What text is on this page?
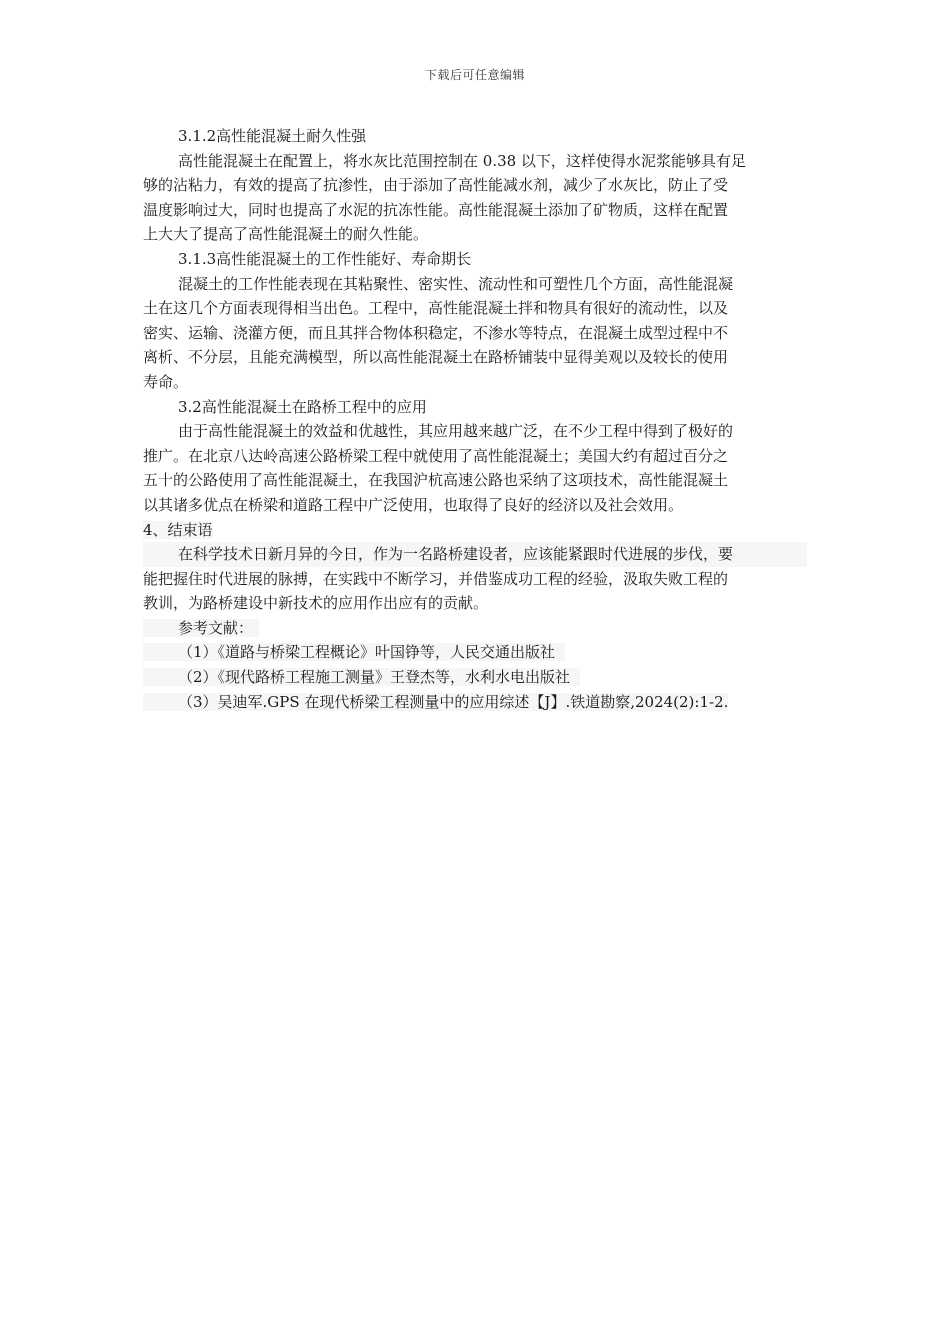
下载后可任意编辑
3.1.2高性能混凝土耐久性强
高性能混凝土在配置上，将水灰比范围控制在 0.38 以下，这样使得水泥浆能够具有足
够的沾粘力，有效的提高了抗渗性，由于添加了高性能减水剂，减少了水灰比，防止了受
温度影响过大，同时也提高了水泥的抗冻性能。高性能混凝土添加了矿物质，这样在配置
上大大了提高了高性能混凝土的耐久性能。
3.1.3高性能混凝土的工作性能好、寿命期长
混凝土的工作性能表现在其粘聚性、密实性、流动性和可塑性几个方面，高性能混凝
土在这几个方面表现得相当出色。工程中，高性能混凝土拌和物具有很好的流动性，以及
密实、运输、浇灌方便，而且其拌合物体积稳定，不渗水等特点，在混凝土成型过程中不
离析、不分层，且能充满模型，所以高性能混凝土在路桥铺装中显得美观以及较长的使用
寿命。
3.2高性能混凝土在路桥工程中的应用
由于高性能混凝土的效益和优越性，其应用越来越广泛，在不少工程中得到了极好的
推广。在北京八达岭高速公路桥梁工程中就使用了高性能混凝土；美国大约有超过百分之
五十的公路使用了高性能混凝土，在我国沪杭高速公路也采纳了这项技术，高性能混凝土
以其诸多优点在桥梁和道路工程中广泛使用，也取得了良好的经济以及社会效用。
4、结束语
在科学技术日新月异的今日，作为一名路桥建设者，应该能紧跟时代进展的步伐，要
能把握住时代进展的脉搏，在实践中不断学习，并借鉴成功工程的经验，汲取失败工程的
教训，为路桥建设中新技术的应用作出应有的贡献。
参考文献：
（1）《道路与桥梁工程概论》叶国铮等，人民交通出版社
（2）《现代路桥工程施工测量》王登杰等，水利水电出版社
（3）吴迪军.GPS 在现代桥梁工程测量中的应用综述【J】.铁道勘察,2024(2):1-2.
